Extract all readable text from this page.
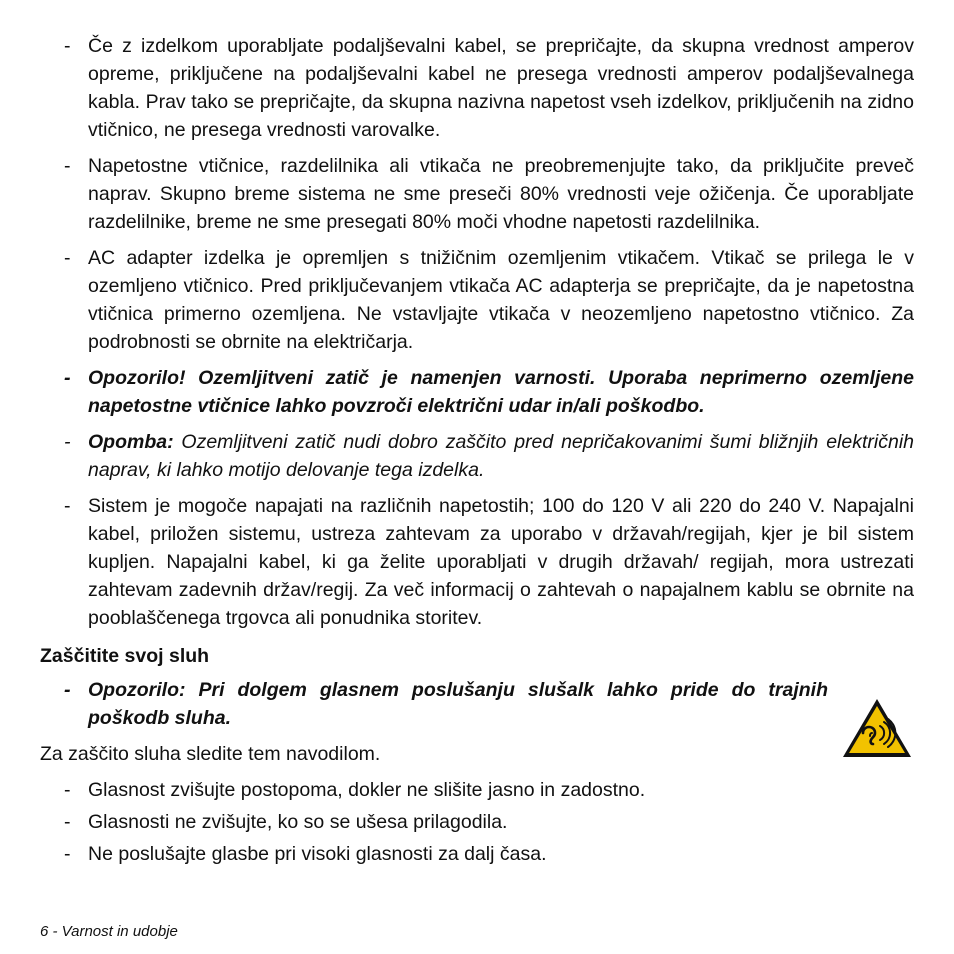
- Če z izdelkom uporabljate podaljševalni kabel, se prepričajte, da skupna vrednost amperov opreme, priključene na podaljševalni kabel ne presega vrednosti amperov podaljševalnega kabla. Prav tako se prepričajte, da skupna nazivna napetost vseh izdelkov, priključenih na zidno vtičnico, ne presega vrednosti varovalke.
- Napetostne vtičnice, razdelilnika ali vtikača ne preobremenjujte tako, da priključite preveč naprav. Skupno breme sistema ne sme preseči 80% vrednosti veje ožičenja. Če uporabljate razdelilnike, breme ne sme presegati 80% moči vhodne napetosti razdelilnika.
- AC adapter izdelka je opremljen s tnižičnim ozemljenim vtikačem. Vtikač se prilega le v ozemljeno vtičnico. Pred priključevanjem vtikača AC adapterja se prepričajte, da je napetostna vtičnica primerno ozemljena. Ne vstavljajte vtikača v neozemljeno napetostno vtičnico. Za podrobnosti se obrnite na električarja.
- Opozorilo! Ozemljitveni zatič je namenjen varnosti. Uporaba neprimerno ozemljene napetostne vtičnice lahko povzroči električni udar in/ali poškodbo.
- Opomba: Ozemljitveni zatič nudi dobro zaščito pred nepričakovanimi šumi bližnjih električnih naprav, ki lahko motijo delovanje tega izdelka.
- Sistem je mogoče napajati na različnih napetostih; 100 do 120 V ali 220 do 240 V. Napajalni kabel, priložen sistemu, ustreza zahtevam za uporabo v državah/regijah, kjer je bil sistem kupljen. Napajalni kabel, ki ga želite uporabljati v drugih državah/ regijah, mora ustrezati zahtevam zadevnih držav/regij. Za več informacij o zahtevah o napajalnem kablu se obrnite na pooblaščenega trgovca ali ponudnika storitev.
Zaščitite svoj sluh
- Opozorilo: Pri dolgem glasnem poslušanju slušalk lahko pride do trajnih poškodb sluha.
Za zaščito sluha sledite tem navodilom.
- Glasnost zvišujte postopoma, dokler ne slišite jasno in zadostno.
- Glasnosti ne zvišujte, ko so se ušesa prilagodila.
- Ne poslušajte glasbe pri visoki glasnosti za dalj časa.
6 - Varnost in udobje
